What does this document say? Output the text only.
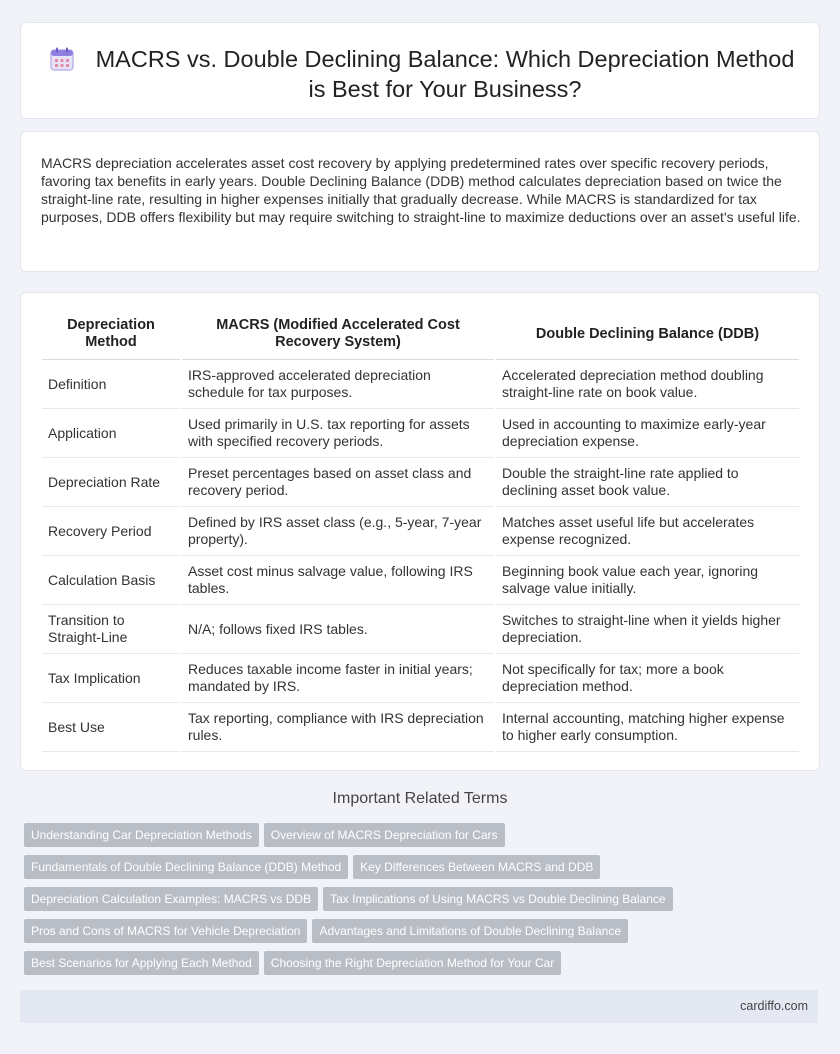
MACRS vs. Double Declining Balance: Which Depreciation Method is Best for Your Business?

MACRS depreciation accelerates asset cost recovery by applying predetermined rates over specific recovery periods, favoring tax benefits in early years. Double Declining Balance (DDB) method calculates depreciation based on twice the straight-line rate, resulting in higher expenses initially that gradually decrease. While MACRS is standardized for tax purposes, DDB offers flexibility but may require switching to straight-line to maximize deductions over an asset's useful life.

Depreciation Method	MACRS (Modified Accelerated Cost Recovery System)	Double Declining Balance (DDB)
Definition	IRS-approved accelerated depreciation schedule for tax purposes.	Accelerated depreciation method doubling straight-line rate on book value.
Application	Used primarily in U.S. tax reporting for assets with specified recovery periods.	Used in accounting to maximize early-year depreciation expense.
Depreciation Rate	Preset percentages based on asset class and recovery period.	Double the straight-line rate applied to declining asset book value.
Recovery Period	Defined by IRS asset class (e.g., 5-year, 7-year property).	Matches asset useful life but accelerates expense recognized.
Calculation Basis	Asset cost minus salvage value, following IRS tables.	Beginning book value each year, ignoring salvage value initially.
Transition to Straight-Line	N/A; follows fixed IRS tables.	Switches to straight-line when it yields higher depreciation.
Tax Implication	Reduces taxable income faster in initial years; mandated by IRS.	Not specifically for tax; more a book depreciation method.
Best Use	Tax reporting, compliance with IRS depreciation rules.	Internal accounting, matching higher expense to higher early consumption.
Important Related Terms
Understanding Car Depreciation Methods Overview of MACRS Depreciation for Cars
Fundamentals of Double Declining Balance (DDB) Method Key Differences Between MACRS and DDB
Depreciation Calculation Examples: MACRS vs DDB Tax Implications of Using MACRS vs Double Declining Balance
Pros and Cons of MACRS for Vehicle Depreciation Advantages and Limitations of Double Declining Balance
Best Scenarios for Applying Each Method Choosing the Right Depreciation Method for Your Car
cardiffo.com
